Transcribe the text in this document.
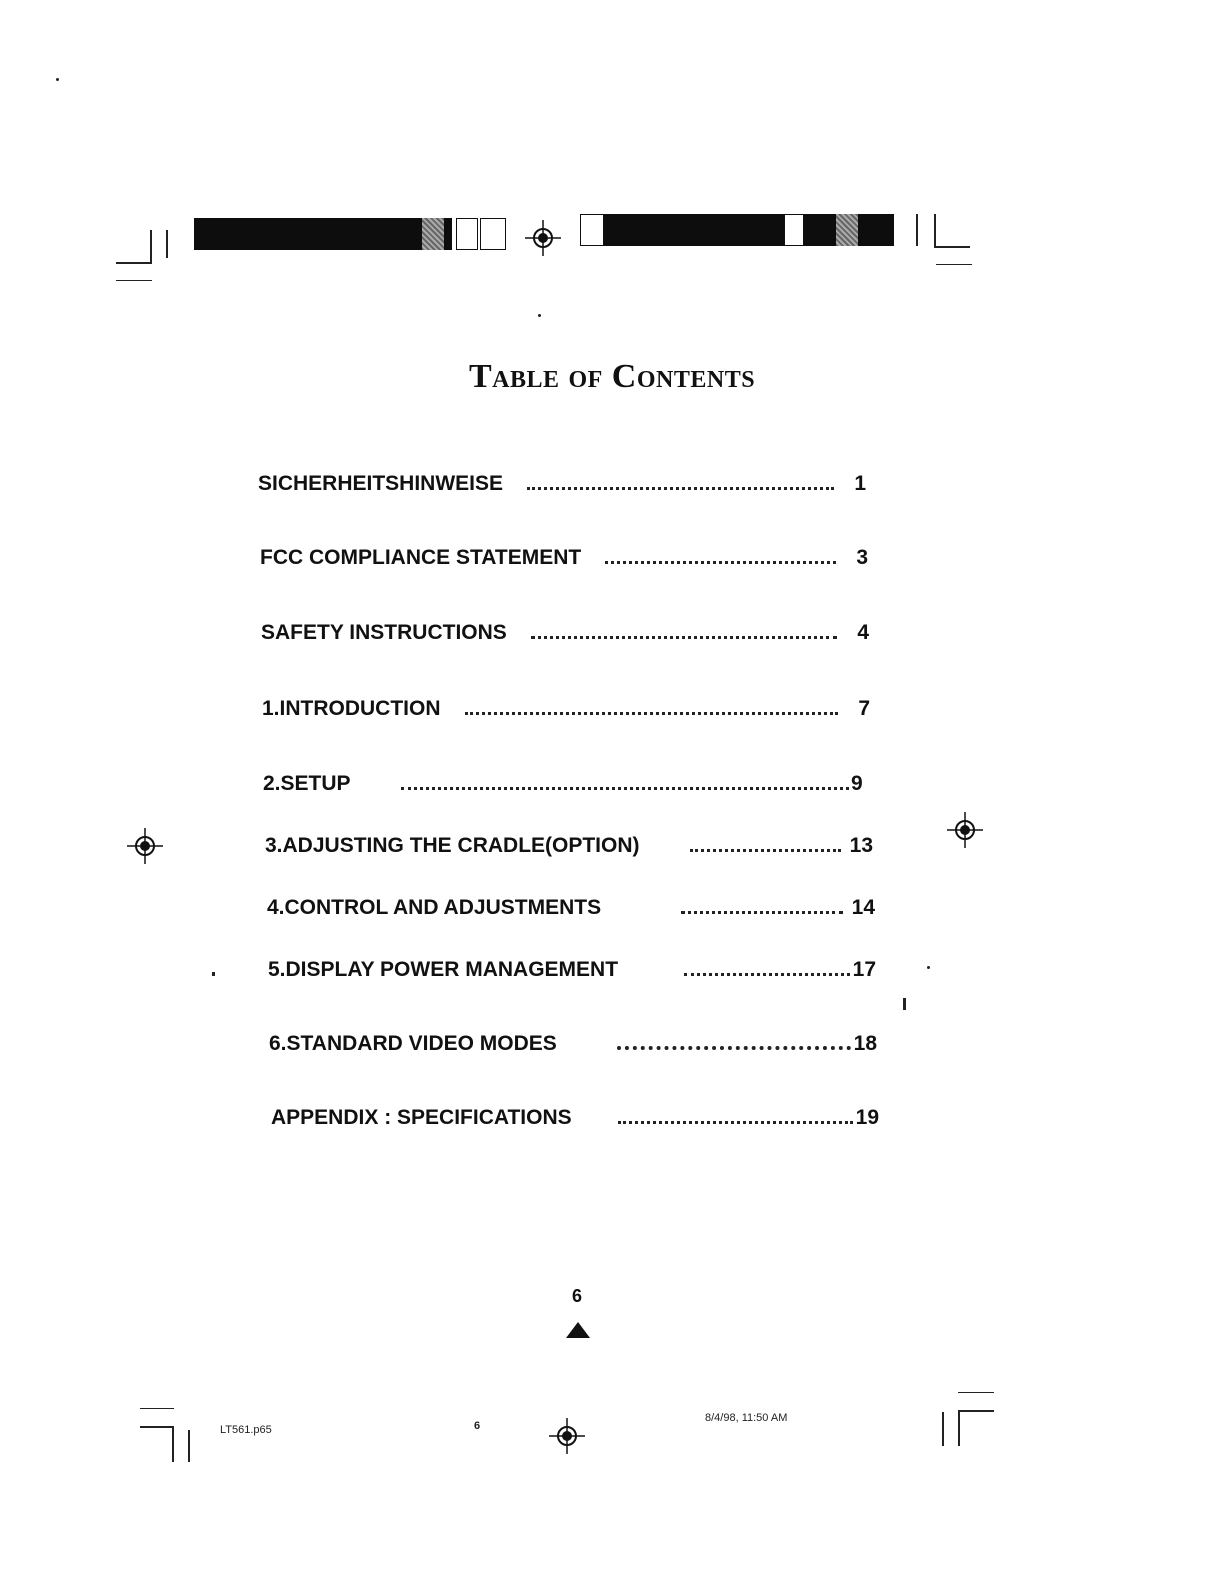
Table of Contents
SICHERHEITSHINWEISE	1
FCC COMPLIANCE STATEMENT	3
SAFETY INSTRUCTIONS	4
1.INTRODUCTION	7
2.SETUP	9
3.ADJUSTING THE CRADLE(OPTION)	13
4.CONTROL AND ADJUSTMENTS	14
5.DISPLAY POWER MANAGEMENT	17
6.STANDARD VIDEO MODES	18
APPENDIX : SPECIFICATIONS	19
6
LT561.p65	6
8/4/98, 11:50 AM
